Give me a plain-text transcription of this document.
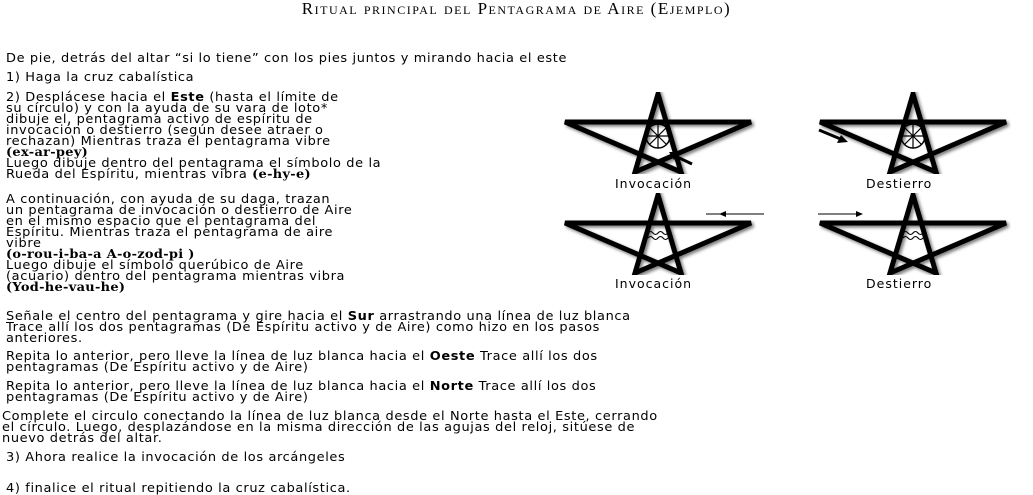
Ritual principal del Pentagrama de Aire (Ejemplo)
De pie, detrás del altar “si lo tiene” con los pies juntos y mirando hacia el este
1) Haga la cruz cabalística
2) Desplácese hacia el Este (hasta el límite de
su círculo) y con la ayuda de su vara de loto*
dibuje el, pentagrama activo de espíritu de
invocación o destierro (según desee atraer o
rechazan) Mientras traza el pentagrama vibre
(ex-ar-pey)
Luego dibuje dentro del pentagrama el símbolo de la
Rueda del Espíritu, mientras vibra (e-hy-e)
A continuación, con ayuda de su daga, trazan
un pentagrama de invocación o destierro de Aire
en el mismo espacio que el pentagrama del
Espíritu. Mientras traza el pentagrama de aire
vibre
(o-rou-i-ba-a A-o-zod-pi )
Luego dibuje el símbolo querúbico de Aire
(acuario) dentro del pentagrama mientras vibra
(Yod-he-vau-he)
Señale el centro del pentagrama y gire hacia el Sur arrastrando una línea de luz blanca
Trace allí los dos pentagramas (De Espíritu activo y de Aire) como hizo en los pasos
anteriores.
Repita lo anterior, pero lleve la línea de luz blanca hacia el Oeste Trace allí los dos
pentagramas (De Espíritu activo y de Aire)
Repita lo anterior, pero lleve la línea de luz blanca hacia el Norte Trace allí los dos
pentagramas (De Espíritu activo y de Aire)
Complete el circulo conectando la línea de luz blanca desde el Norte hasta el Este, cerrando
el círculo. Luego, desplazándose en la misma dirección de las agujas del reloj, sitúese de
nuevo detrás del altar.
3) Ahora realice la invocación de los arcángeles
4) finalice el ritual repitiendo la cruz cabalística.
Invocación	Destierro
Invocación	Destierro
